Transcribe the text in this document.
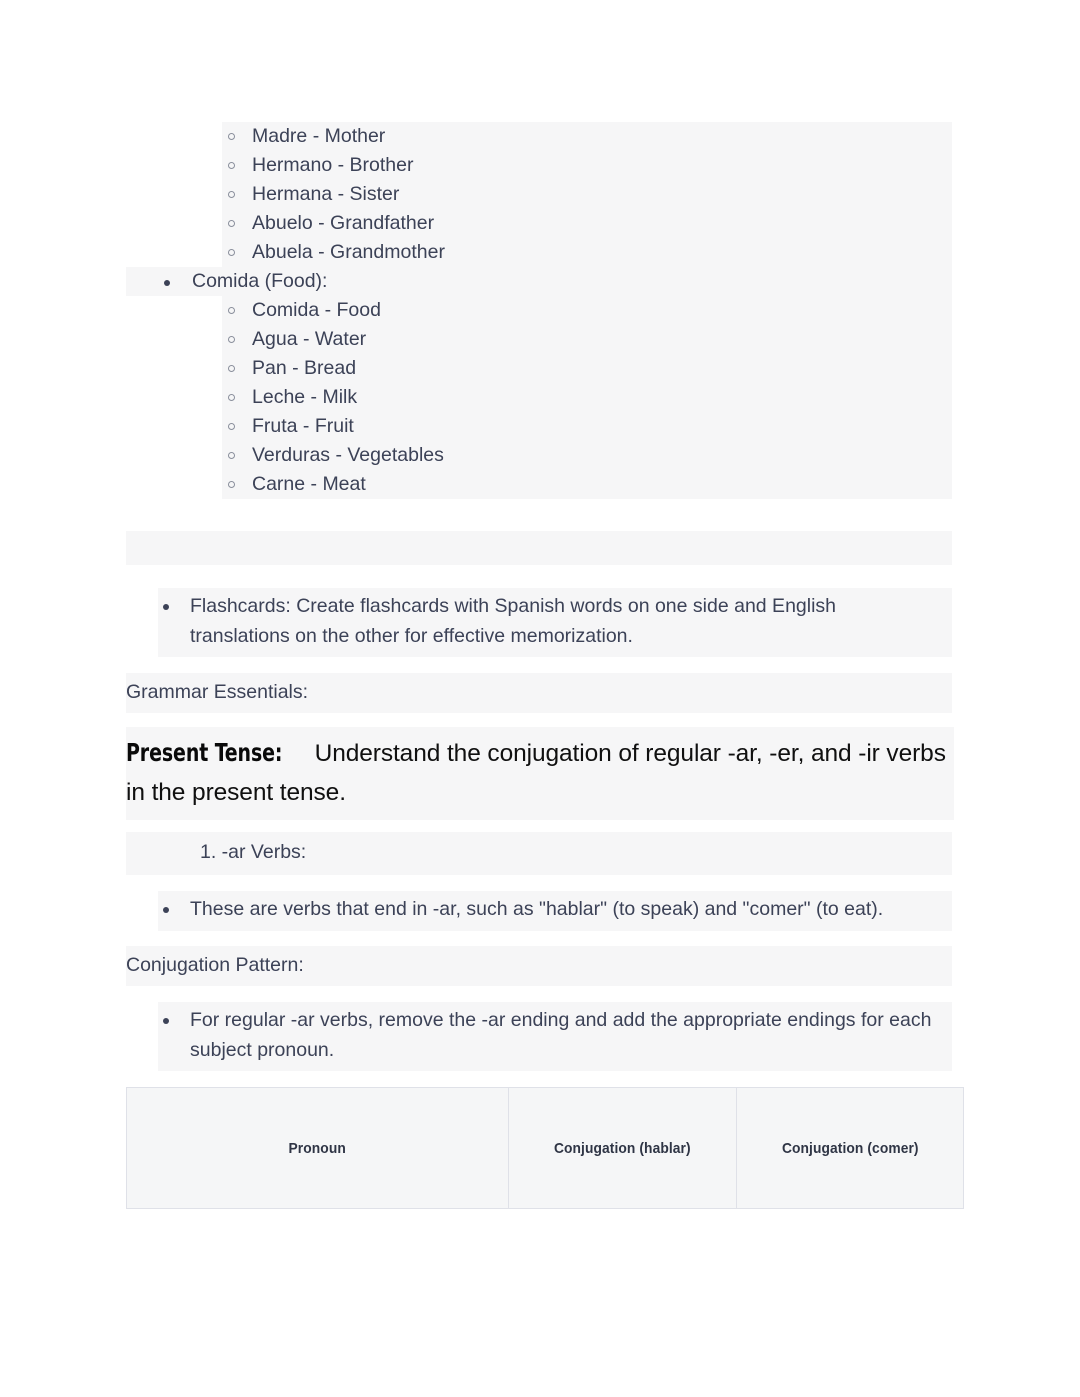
Madre - Mother
Hermano - Brother
Hermana - Sister
Abuelo - Grandfather
Abuela - Grandmother
Comida (Food):
Comida - Food
Agua - Water
Pan - Bread
Leche - Milk
Fruta - Fruit
Verduras - Vegetables
Carne - Meat
Flashcards: Create flashcards with Spanish words on one side and English translations on the other for effective memorization.
Grammar Essentials:
Present Tense: Understand the conjugation of regular -ar, -er, and -ir verbs in the present tense.
1. -ar Verbs:
These are verbs that end in -ar, such as "hablar" (to speak) and "comer" (to eat).
Conjugation Pattern:
For regular -ar verbs, remove the -ar ending and add the appropriate endings for each subject pronoun.
Pronoun	Conjugation (hablar)	Conjugation (comer)
